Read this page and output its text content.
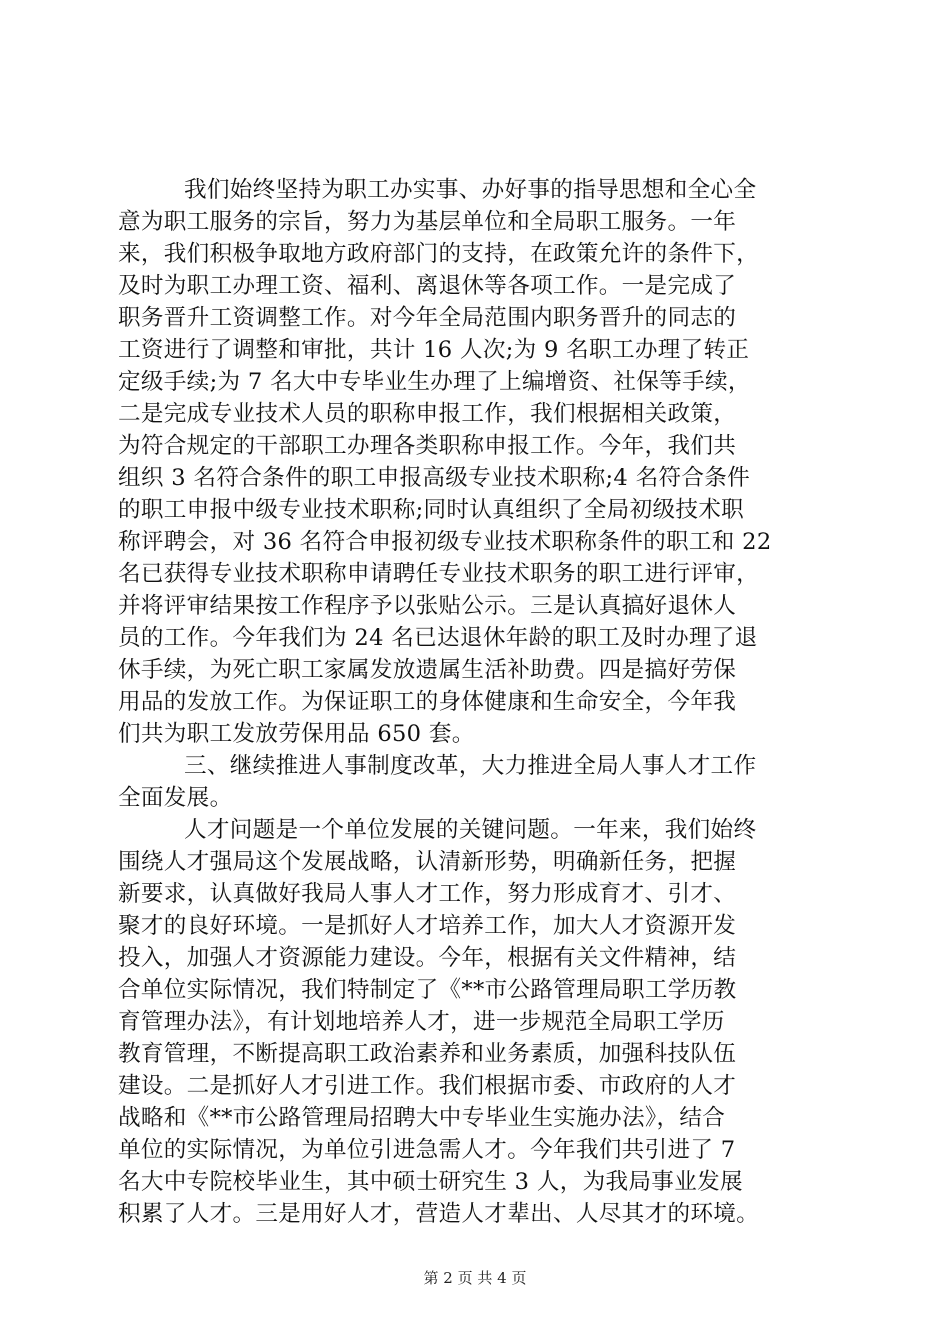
我们始终坚持为职工办实事、办好事的指导思想和全心全
意为职工服务的宗旨，努力为基层单位和全局职工服务。一年
来，我们积极争取地方政府部门的支持，在政策允许的条件下，
及时为职工办理工资、福利、离退休等各项工作。一是完成了
职务晋升工资调整工作。对今年全局范围内职务晋升的同志的
工资进行了调整和审批，共计 16 人次;为 9 名职工办理了转正
定级手续;为 7 名大中专毕业生办理了上编增资、社保等手续，
二是完成专业技术人员的职称申报工作，我们根据相关政策，
为符合规定的干部职工办理各类职称申报工作。今年，我们共
组织 3 名符合条件的职工申报高级专业技术职称;4 名符合条件
的职工申报中级专业技术职称;同时认真组织了全局初级技术职
称评聘会，对 36 名符合申报初级专业技术职称条件的职工和 22
名已获得专业技术职称申请聘任专业技术职务的职工进行评审，
并将评审结果按工作程序予以张贴公示。三是认真搞好退休人
员的工作。今年我们为 24 名已达退休年龄的职工及时办理了退
休手续，为死亡职工家属发放遗属生活补助费。四是搞好劳保
用品的发放工作。为保证职工的身体健康和生命安全，今年我
们共为职工发放劳保用品 650 套。
三、继续推进人事制度改革，大力推进全局人事人才工作
全面发展。
人才问题是一个单位发展的关键问题。一年来，我们始终
围绕人才强局这个发展战略，认清新形势，明确新任务，把握
新要求，认真做好我局人事人才工作，努力形成育才、引才、
聚才的良好环境。一是抓好人才培养工作，加大人才资源开发
投入，加强人才资源能力建设。今年，根据有关文件精神，结
合单位实际情况，我们特制定了《**市公路管理局职工学历教
育管理办法》，有计划地培养人才，进一步规范全局职工学历
教育管理，不断提高职工政治素养和业务素质，加强科技队伍
建设。二是抓好人才引进工作。我们根据市委、市政府的人才
战略和《**市公路管理局招聘大中专毕业生实施办法》，结合
单位的实际情况，为单位引进急需人才。今年我们共引进了 7
名大中专院校毕业生，其中硕士研究生 3 人，为我局事业发展
积累了人才。三是用好人才，营造人才辈出、人尽其才的环境。
第 2 页 共 4 页
